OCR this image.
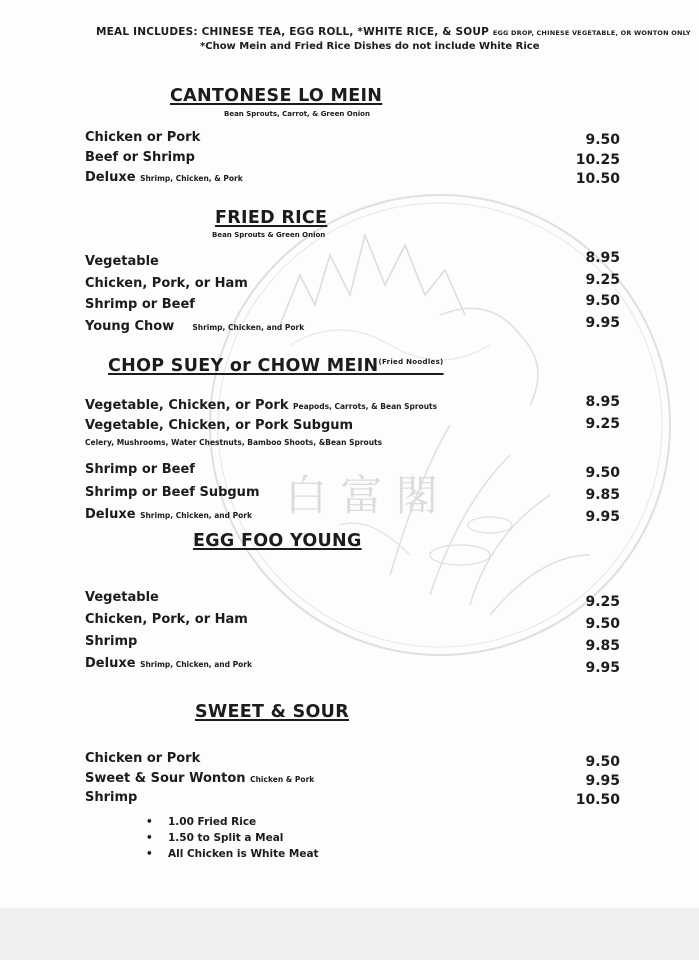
白 富 閣
MEAL INCLUDES: CHINESE TEA, EGG ROLL, *WHITE RICE, & SOUP EGG DROP, CHINESE VEGETABLE, OR WONTON ONLY
*Chow Mein and Fried Rice Dishes do not include White Rice
CANTONESE LO MEIN
Bean Sprouts, Carrot, & Green Onion
Chicken or Pork	9.50
Beef or Shrimp	10.25
Deluxe Shrimp, Chicken, & Pork	10.50
FRIED RICE
Bean Sprouts & Green Onion
Vegetable	8.95
Chicken, Pork, or Ham	9.25
Shrimp or Beef	9.50
Young Chow Shrimp, Chicken, and Pork	9.95
CHOP SUEY or CHOW $MEIN^{(Fried Noodles)}$
Vegetable, Chicken, or Pork Peapods, Carrots, & Bean Sprouts	8.95
Vegetable, Chicken, or Pork Subgum	9.25
Celery, Mushrooms, Water Chestnuts, Bamboo Shoots, &Bean Sprouts
Shrimp or Beef	9.50
Shrimp or Beef Subgum	9.85
Deluxe Shrimp, Chicken, and Pork	9.95
EGG FOO YOUNG
Vegetable	9.25
Chicken, Pork, or Ham	9.50
Shrimp	9.85
Deluxe Shrimp, Chicken, and Pork	9.95
SWEET & SOUR
Chicken or Pork	9.50
Sweet & Sour Wonton Chicken & Pork	9.95
Shrimp	10.50
• 1.00 Fried Rice
• 1.50 to Split a Meal
• All Chicken is White Meat
